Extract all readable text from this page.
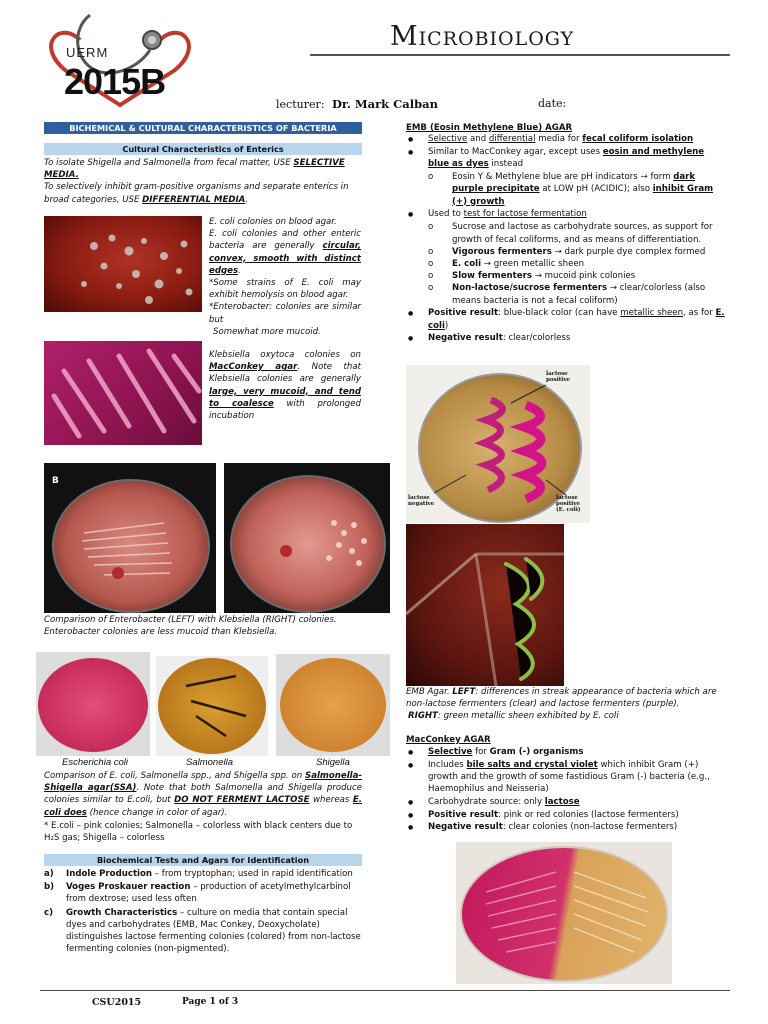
UERM
2015B
Microbiology
lecturer: Dr. Mark Calban	date:
BICHEMICAL & CULTURAL CHARACTERISTICS OF BACTERIA
Cultural Characteristics of Enterics
To isolate Shigella and Salmonella from fecal matter, USE SELECTIVE MEDIA.
To selectively inhibit gram-positive organisms and separate enterics in broad categories, USE DIFFERENTIAL MEDIA.
E. coli colonies on blood agar.
E. coli colonies and other enteric bacteria are generally circular, convex, smooth with distinct edges.
*Some strains of E. coli may exhibit hemolysis on blood agar.
*Enterobacter: colonies are similar but
Somewhat more mucoid.
Klebsiella oxytoca colonies on MacConkey agar. Note that Klebsiella colonies are generally large, very mucoid, and tend to coalesce with prolonged incubation
B
Comparison of Enterobacter (LEFT) with Klebsiella (RIGHT) colonies. Enterobacter colonies are less mucoid than Klebsiella.
Escherichia coli	Salmonella	Shigella
Comparison of E. coli, Salmonella spp., and Shigella spp. on Salmonella-Shigella agar(SSA). Note that both Salmonella and Shigella produce colonies similar to E.coli, but DO NOT FERMENT LACTOSE whereas E. coli does (hence change in color of agar).
* E.coli – pink colonies; Salmonella – colorless with black centers due to H₂S gas; Shigella – colorless
Biochemical Tests and Agars for Identification
a) Indole Production – from tryptophan; used in rapid identification
b) Voges Proskauer reaction – production of acetylmethylcarbinol from dextrose; used less often
c) Growth Characteristics – culture on media that contain special dyes and carbohydrates (EMB, Mac Conkey, Deoxycholate) distinguishes lactose fermenting colonies (colored) from non-lactose fermenting colonies (non-pigmented).
EMB (Eosin Methylene Blue) AGAR
● Selective and differential media for fecal coliform isolation
● Similar to MacConkey agar, except uses eosin and methylene blue as dyes instead
o Eosin Y & Methylene blue are pH indicators → form dark purple precipitate at LOW pH (ACIDIC); also inhibit Gram (+) growth
● Used to test for lactose fermentation
o Sucrose and lactose as carbohydrate sources, as support for growth of fecal coliforms, and as means of differentiation.
o Vigorous fermenters → dark purple dye complex formed
o E. coli → green metallic sheen
o Slow fermenters → mucoid pink colonies
o Non-lactose/sucrose fermenters → clear/colorless (also means bacteria is not a fecal coliform)
● Positive result: blue-black color (can have metallic sheen, as for E. coli)
● Negative result: clear/colorless
lactose positive
lactose negative
lactose positive (E. coli)
EMB Agar. LEFT: differences in streak appearance of bacteria which are non-lactose fermenters (clear) and lactose fermenters (purple).
RIGHT: green metallic sheen exhibited by E. coli
MacConkey AGAR
● Selective for Gram (-) organisms
● Includes bile salts and crystal violet which inhibit Gram (+) growth and the growth of some fastidious Gram (-) bacteria (e.g., Haemophilus and Neisseria)
● Carbohydrate source: only lactose
● Positive result: pink or red colonies (lactose fermenters)
● Negative result: clear colonies (non-lactose fermenters)
CSU2015	Page 1 of 3
